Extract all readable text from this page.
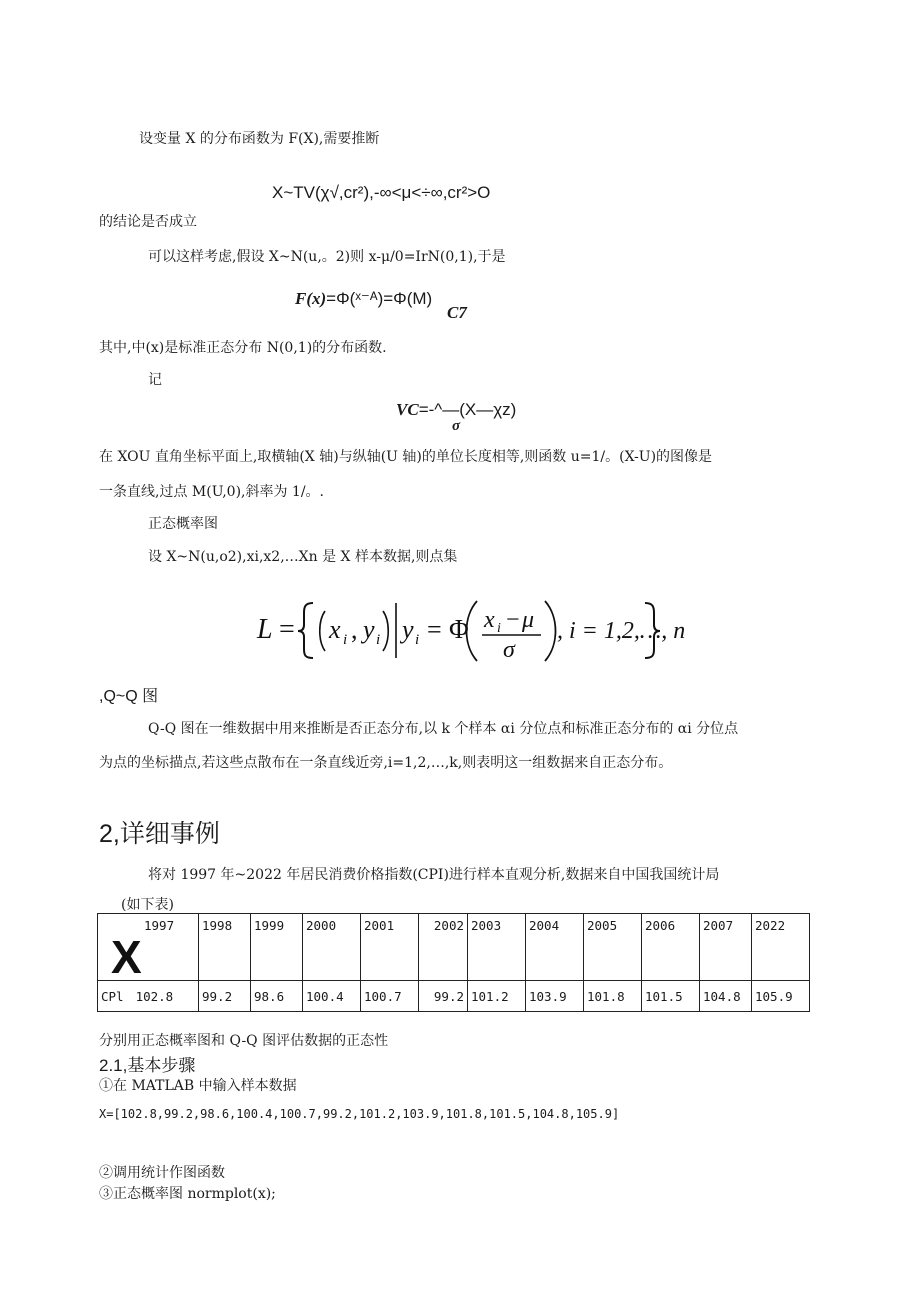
设变量 X 的分布函数为 F(X),需要推断
X~TV(χ√,cr²),-∞<μ<÷∞,cr²>O
的结论是否成立
可以这样考虑,假设 X~N(u,。2)则 x-μ/0=IrN(0,1),于是
F(x)=Φ(ˣ⁻ᴬ)=Φ(M)
C7
其中,中(x)是标准正态分布 N(0,1)的分布函数.
记
VC=-^—(X—χz)
σ
在 XOU 直角坐标平面上,取横轴(X 轴)与纵轴(U 轴)的单位长度相等,则函数 u=1/。(X-U)的图像是
一条直线,过点 M(U,0),斜率为 1/。.
正态概率图
设 X~N(u,o2),xi,x2,…Xn 是 X 样本数据,则点集
L = x i , y i y i = Φ x i − μ
σ
, i = 1,2,…, n
,Q~Q 图
Q-Q 图在一维数据中用来推断是否正态分布,以 k 个样本 αi 分位点和标准正态分布的 αi 分位点
为点的坐标描点,若这些点散布在一条直线近旁,i=1,2,…,k,则表明这一组数据来自正态分布。
2,详细事例
将对 1997 年~2022 年居民消费价格指数(CPI)进行样本直观分析,数据来自中国我国统计局
(如下表)
X
1997	1998	1999	2000	2001	2002	2003	2004	2005	2006	2007	2022
CPl 102.8	99.2	98.6	100.4	100.7	99.2	101.2	103.9	101.8	101.5	104.8	105.9
分别用正态概率图和 Q-Q 图评估数据的正态性
2.1,基本步骤
①在 MATLAB 中输入样本数据
X=[102.8,99.2,98.6,100.4,100.7,99.2,101.2,103.9,101.8,101.5,104.8,105.9]
②调用统计作图函数
③正态概率图 normplot(x);
